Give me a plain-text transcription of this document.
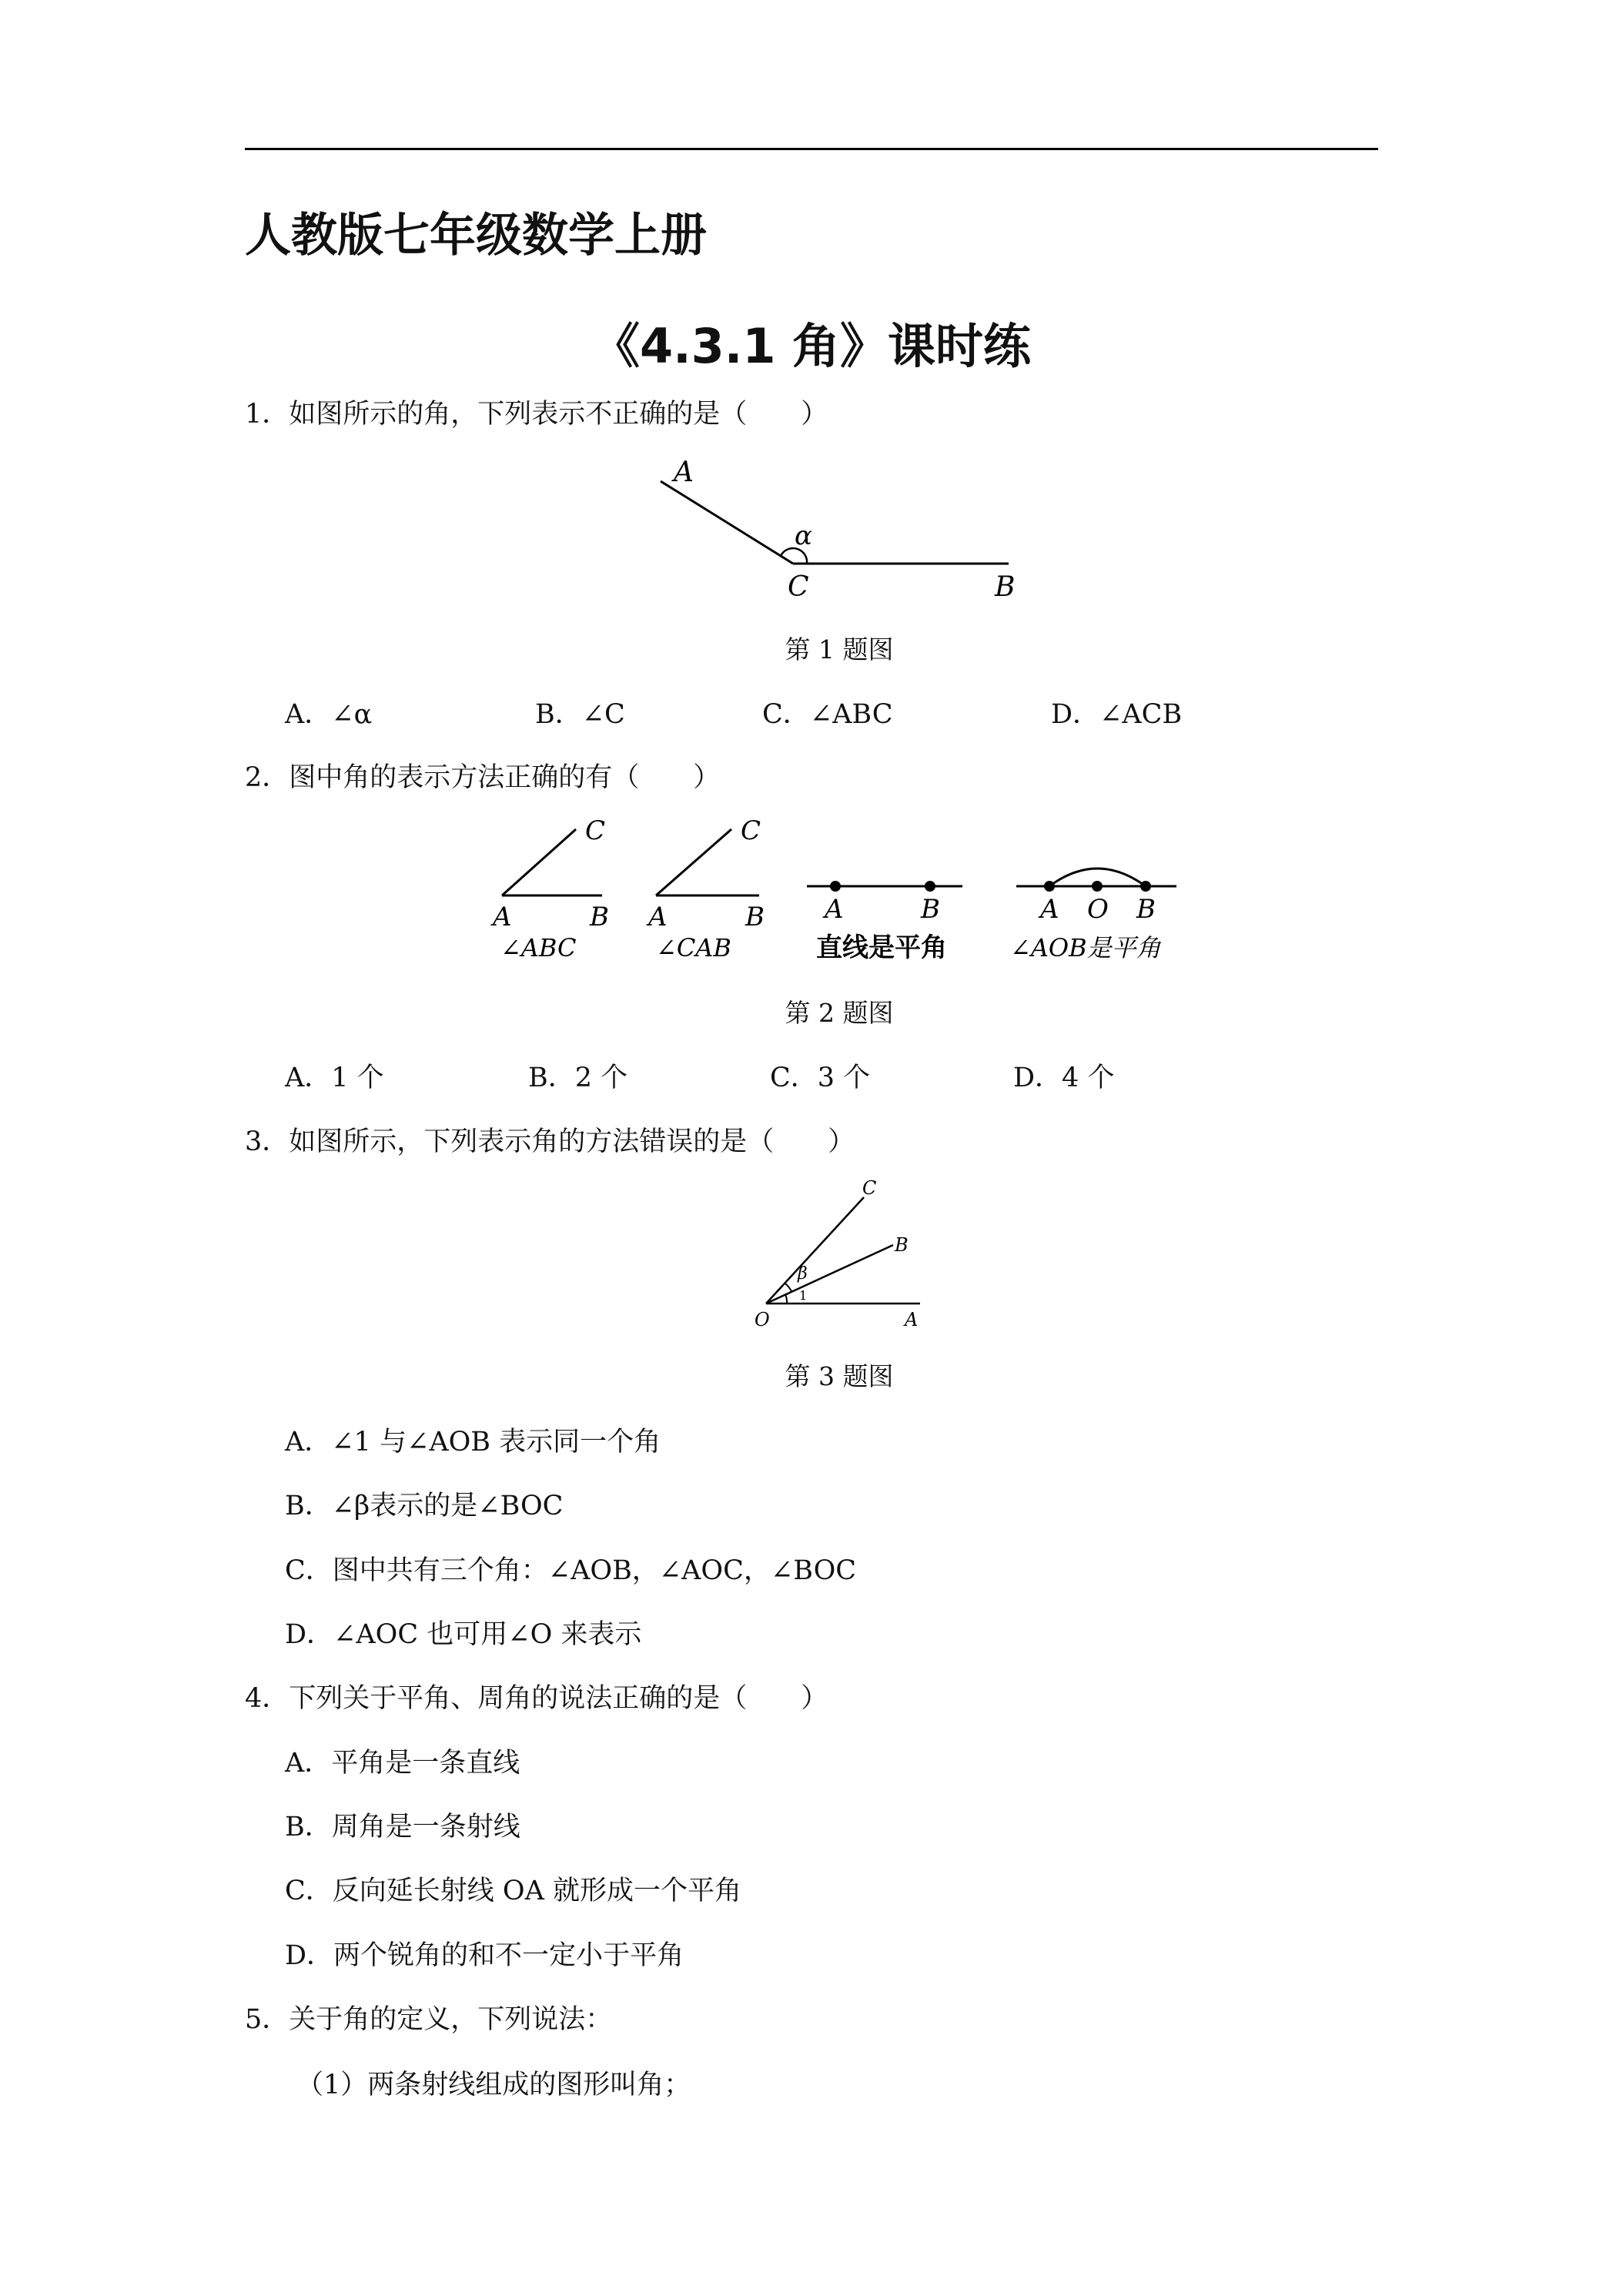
人教版七年级数学上册
《4.3.1 角》课时练
1．如图所示的角，下列表示不正确的是（　　）
A
C	B
α
第 1 题图
A．∠α	B．∠C	C．∠ABC	D．∠ACB
2．图中角的表示方法正确的有（　　）
C
A	B
∠ABC
C
A	B
∠CAB
A	B
直线是平角
A O B
∠AOB是平角
第 2 题图
A．1 个	B．2 个	C．3 个	D．4 个
3．如图所示，下列表示角的方法错误的是（　　）
C
B
O	A
β
1
第 3 题图
A．∠1 与∠AOB 表示同一个角
B．∠β表示的是∠BOC
C．图中共有三个角：∠AOB，∠AOC，∠BOC
D．∠AOC 也可用∠O 来表示
4．下列关于平角、周角的说法正确的是（　　）
A．平角是一条直线
B．周角是一条射线
C．反向延长射线 OA 就形成一个平角
D．两个锐角的和不一定小于平角
5．关于角的定义，下列说法：
（1）两条射线组成的图形叫角；
